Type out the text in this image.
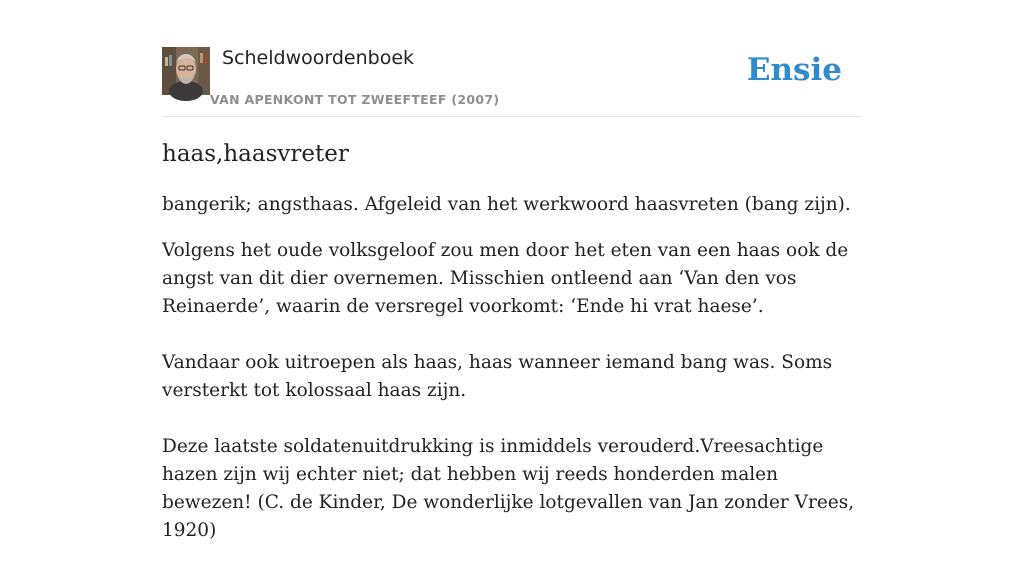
Scheldwoordenboek
VAN APENKONT TOT ZWEEFTEEF (2007)
Ensie
haas,haasvreter
bangerik; angsthaas. Afgeleid van het werkwoord haasvreten (bang zijn).

Volgens het oude volksgeloof zou men door het eten van een haas ook de angst van dit dier overnemen. Misschien ontleend aan ‘Van den vos Reinaerde’, waarin de versregel voorkomt: ‘Ende hi vrat haese’.

Vandaar ook uitroepen als haas, haas wanneer iemand bang was. Soms versterkt tot kolossaal haas zijn.

Deze laatste soldatenuitdrukking is inmiddels verouderd.Vreesachtige hazen zijn wij echter niet; dat hebben wij reeds honderden malen bewezen! (C. de Kinder, De wonderlijke lotgevallen van Jan zonder Vrees, 1920)
